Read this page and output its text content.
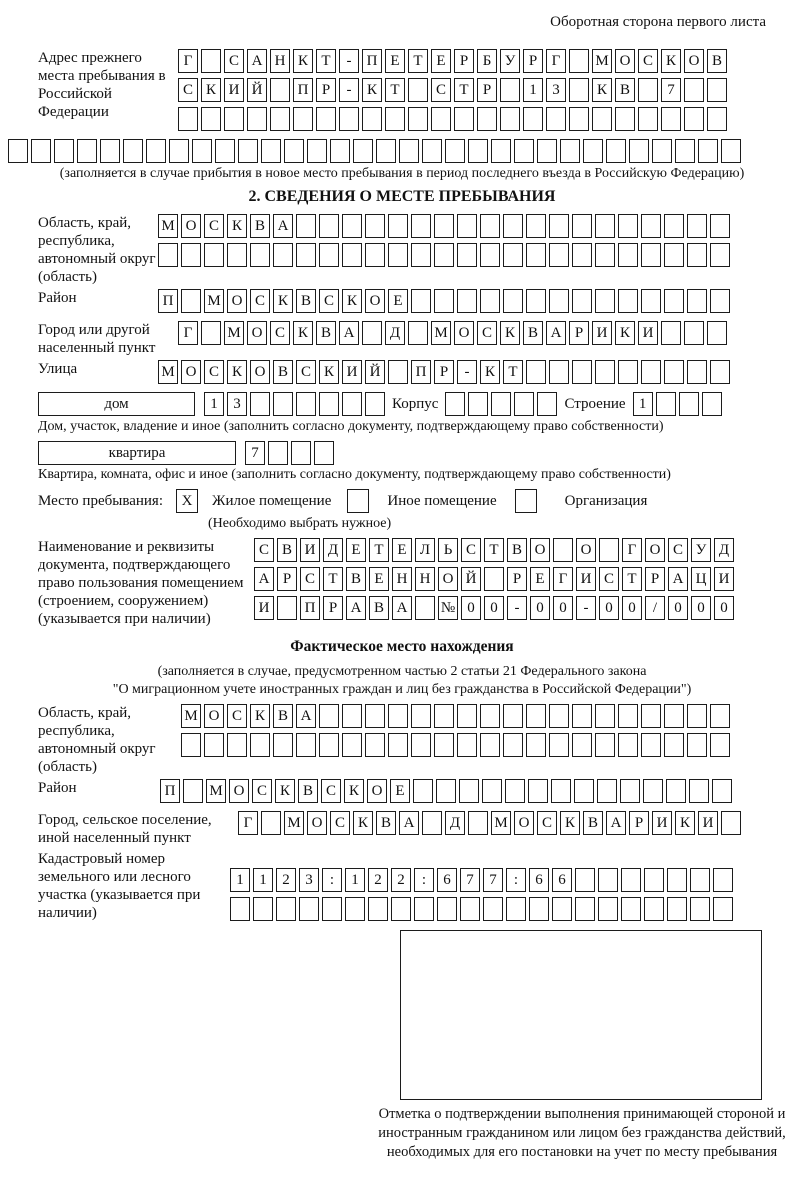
Оборотная сторона первого листа
Адрес прежнего места пребывания в Российской Федерации
Г С А Н К Т - П Е Т Е Р Б У Р Г М О С К О В
С К И Й П Р - К Т С Т Р	1 3 К В 7
(заполняется в случае прибытия в новое место пребывания в период последнего въезда в Российскую Федерацию)
2. СВЕДЕНИЯ О МЕСТЕ ПРЕБЫВАНИЯ
Область, край, республика, автономный округ (область)
М О С К В А
Район	П М О С К В С К О Е
Город или другой населенный пункт
Г М О С К В А Д М О С К В А Р И К И
Улица	М О С К О В С К И Й П Р - К Т
дом	1 3	Корпус	Строение 1
Дом, участок, владение и иное (заполнить согласно документу, подтверждающему право собственности)
квартира	7
Квартира, комната, офис и иное (заполнить согласно документу, подтверждающему право собственности)
Место пребывания:	X	Жилое помещение	Иное помещение	Организация
(Необходимо выбрать нужное)
Наименование и реквизиты документа, подтверждающего право пользования помещением (строением, сооружением) (указывается при наличии)
С В И Д Е Т Е Л Ь С Т В О О Г О С У Д
А Р С Т В Е Н Н О Й Р Е Г И С Т Р А Ц И
И П Р А В А № 0 0 - 0 0 - 0 0 / 0 0 0
Фактическое место нахождения
(заполняется в случае, предусмотренном частью 2 статьи 21 Федерального закона
"О миграционном учете иностранных граждан и лиц без гражданства в Российской Федерации")
Область, край, республика, автономный округ (область)
М О С К В А
Район	П М О С К В С К О Е
Город, сельское поселение, иной населенный пункт
Г М О С К В А Д М О С К В А Р И К И
Кадастровый номер земельного или лесного участка (указывается при наличии)
1 1 2 3 : 1 2 2 : 6 7 7 : 6 6
Отметка о подтверждении выполнения принимающей стороной и иностранным гражданином или лицом без гражданства действий, необходимых для его постановки на учет по месту пребывания
